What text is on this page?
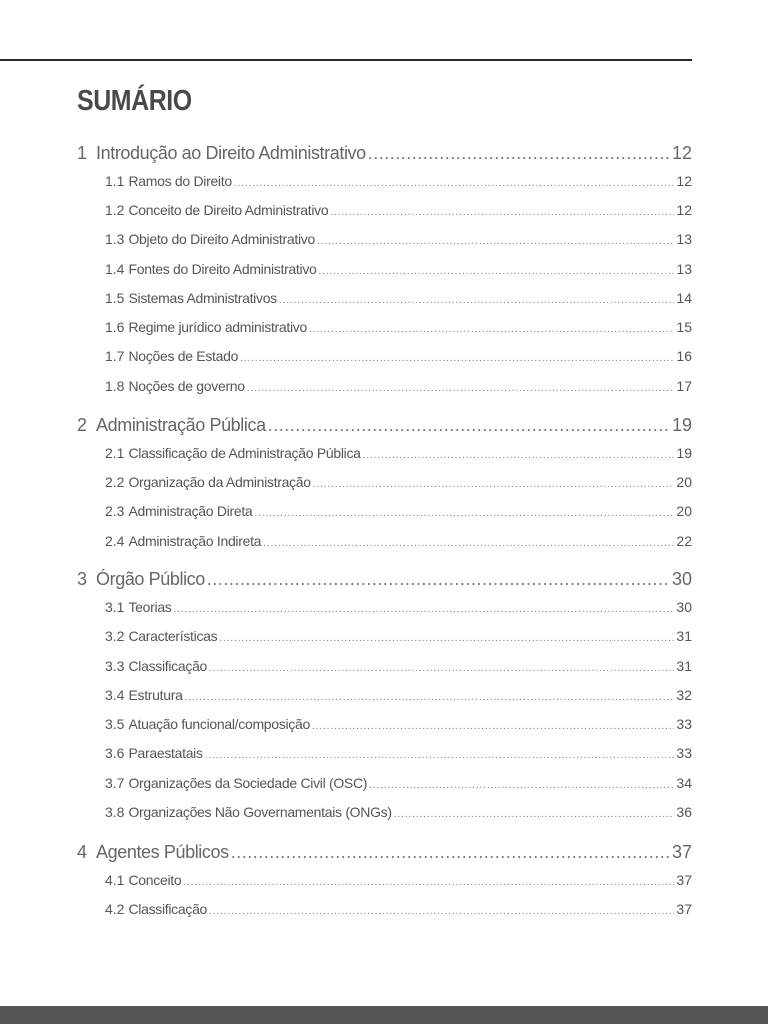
SUMÁRIO
1 Introdução ao Direito Administrativo .....	12
1.1 Ramos do Direito .....	12
1.2 Conceito de Direito Administrativo .....	12
1.3 Objeto do Direito Administrativo .....	13
1.4 Fontes do Direito Administrativo .....	13
1.5 Sistemas Administrativos .....	14
1.6 Regime jurídico administrativo .....	15
1.7 Noções de Estado .....	16
1.8 Noções de governo .....	17
2 Administração Pública .....	19
2.1 Classificação de Administração Pública .....	19
2.2 Organização da Administração .....	20
2.3 Administração Direta .....	20
2.4 Administração Indireta .....	22
3 Órgão Público .....	30
3.1 Teorias .....	30
3.2 Características .....	31
3.3 Classificação .....	31
3.4 Estrutura .....	32
3.5 Atuação funcional/composição .....	33
3.6 Paraestatais .....	33
3.7 Organizações da Sociedade Civil (OSC) .....	34
3.8 Organizações Não Governamentais (ONGs) .....	36
4 Agentes Públicos .....	37
4.1 Conceito .....	37
4.2 Classificação .....	37
